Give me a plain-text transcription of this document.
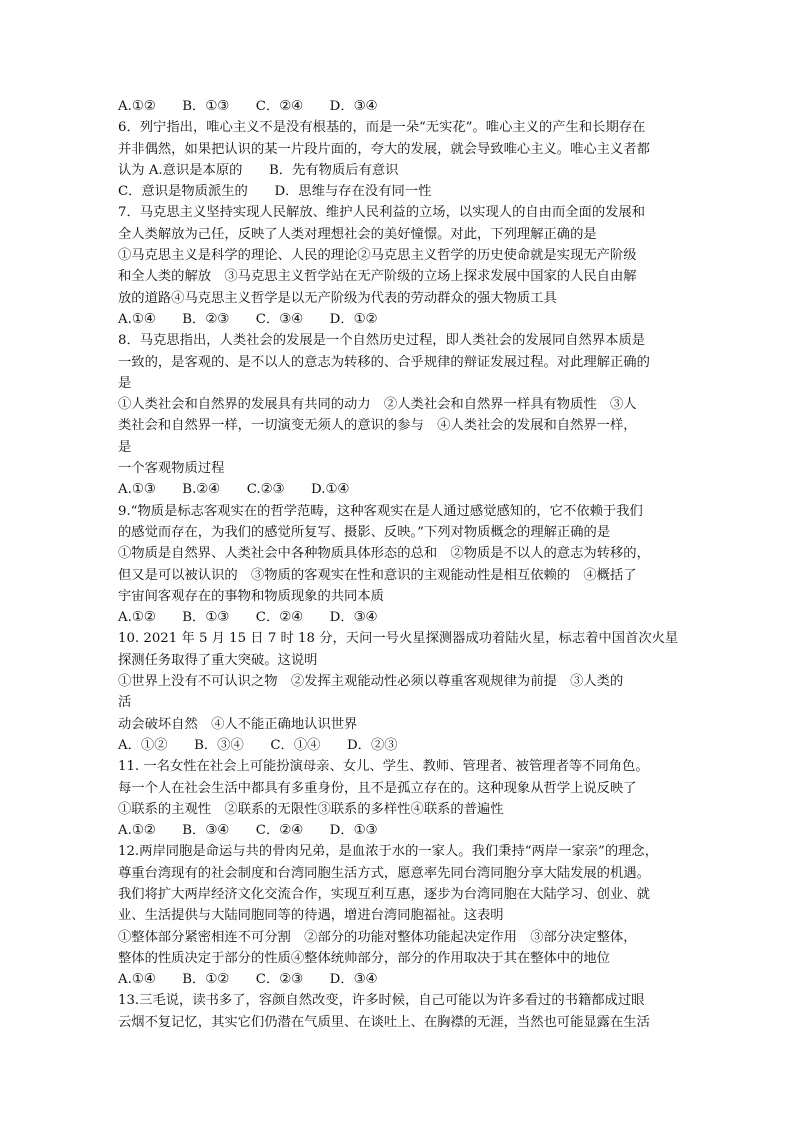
A.①②　　B．①③　　C．②④　　D．③④
6．列宁指出，唯心主义不是没有根基的，而是一朵“无实花”。唯心主义的产生和长期存在
并非偶然，如果把认识的某一片段片面的，夸大的发展，就会导致唯心主义。唯心主义者都
认为 A.意识是本原的　　B．先有物质后有意识
C．意识是物质派生的　　D．思维与存在没有同一性
7．马克思主义坚持实现人民解放、维护人民利益的立场，以实现人的自由而全面的发展和
全人类解放为己任，反映了人类对理想社会的美好憧憬。对此，下列理解正确的是
①马克思主义是科学的理论、人民的理论②马克思主义哲学的历史使命就是实现无产阶级
和全人类的解放　③马克思主义哲学站在无产阶级的立场上探求发展中国家的人民自由解
放的道路④马克思主义哲学是以无产阶级为代表的劳动群众的强大物质工具
A.①④　　B．②③　　C．③④　　D．①②
8．马克思指出，人类社会的发展是一个自然历史过程，即人类社会的发展同自然界本质是
一致的，是客观的、是不以人的意志为转移的、合乎规律的辩证发展过程。对此理解正确的
是
①人类社会和自然界的发展具有共同的动力　②人类社会和自然界一样具有物质性　③人
类社会和自然界一样，一切演变无须人的意识的参与　④人类社会的发展和自然界一样，
是
一个客观物质过程
A.①③　　B.②④　　C.②③　　D.①④
9.“物质是标志客观实在的哲学范畴，这种客观实在是人通过感觉感知的，它不依赖于我们
的感觉而存在，为我们的感觉所复写、摄影、反映。”下列对物质概念的理解正确的是
①物质是自然界、人类社会中各种物质具体形态的总和　②物质是不以人的意志为转移的，
但又是可以被认识的　③物质的客观实在性和意识的主观能动性是相互依赖的　④概括了
宇宙间客观存在的事物和物质现象的共同本质
A.①②　　B．①③　　C．②④　　D．③④
10. 2021 年 5 月 15 日 7 时 18 分，天问一号火星探测器成功着陆火星，标志着中国首次火星
探测任务取得了重大突破。这说明
①世界上没有不可认识之物　②发挥主观能动性必须以尊重客观规律为前提　③人类的
活
动会破坏自然　④人不能正确地认识世界
A．①②　　B．③④　　C．①④　　D．②③
11. 一名女性在社会上可能扮演母亲、女儿、学生、教师、管理者、被管理者等不同角色。
每一个人在社会生活中都具有多重身份，且不是孤立存在的。这种现象从哲学上说反映了
①联系的主观性　②联系的无限性③联系的多样性④联系的普遍性
A.①②　　B．③④　　C．②④　　D．①③
12.两岸同胞是命运与共的骨肉兄弟，是血浓于水的一家人。我们秉持“两岸一家亲”的理念，
尊重台湾现有的社会制度和台湾同胞生活方式，愿意率先同台湾同胞分享大陆发展的机遇。
我们将扩大两岸经济文化交流合作，实现互利互惠，逐步为台湾同胞在大陆学习、创业、就
业、生活提供与大陆同胞同等的待遇，增进台湾同胞福祉。这表明
①整体部分紧密相连不可分割　②部分的功能对整体功能起决定作用　③部分决定整体，
整体的性质决定于部分的性质④整体统帅部分，部分的作用取决于其在整体中的地位
A.①④　　B．①②　　C．②③　　D．③④
13.三毛说，读书多了，容颜自然改变，许多时候，自己可能以为许多看过的书籍都成过眼
云烟不复记忆，其实它们仍潜在气质里、在谈吐上、在胸襟的无涯，当然也可能显露在生活
